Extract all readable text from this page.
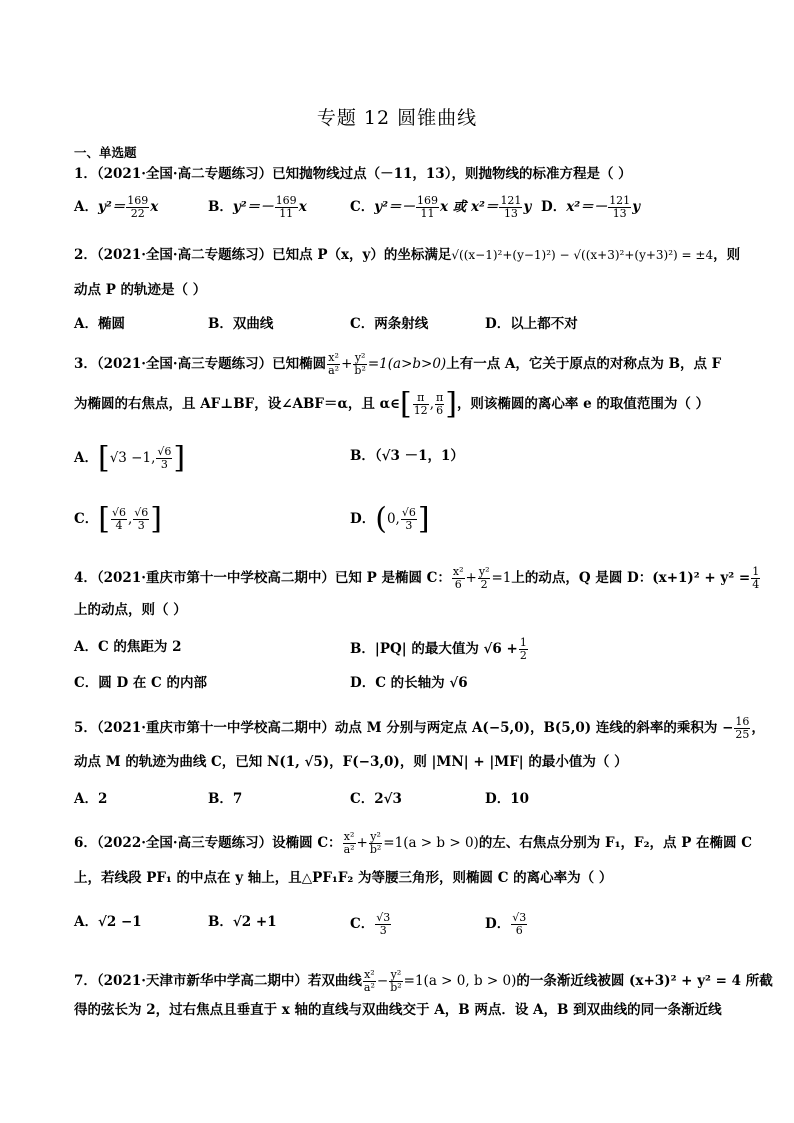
专题 12 圆锥曲线
一、单选题
1．（2021·全国·高二专题练习）已知抛物线过点（－11，13），则抛物线的标准方程是（ ）
A．$y^2= \frac{169}{22}$ x	B．$y^2=- \frac{169}{11}$ x	C．$y^2=- \frac{169}{11}$ x 或 $x^2= \frac{121}{13}$ y D．$x^2=- \frac{121}{13}$ y
2．（2021·全国·高二专题练习）已知点 P（x，y）的坐标满足√((x−1)²+(y−1)²) − √((x+3)²+(y+3)²) = ±4，则
动点 P 的轨迹是（ ）
A．椭圆	B．双曲线	C．两条射线	D．以上都不对
3．（2021·全国·高三专题练习）已知椭圆 $\frac{\text{x²}}{\text{a²}} + \frac{\text{y²}}{\text{b²}} =1(a>b>0)$上有一点 A，它关于原点的对称点为 B，点 F
为椭圆的右焦点，且 AF⊥BF，设∠ABF＝α，且 α∈[ $\frac{\pi}{12}$ , $\frac{\pi}{6}$ ]，则该椭圆的离心率 e 的取值范围为（ ）
A．[√3 −1, $\frac{√6}{3}$ ]	B．（√3 －1，1）
C．[ $\frac{√6}{4}$ , $\frac{√6}{3}$ ]	D．(0, $\frac{√6}{3}$ ]
4．（2021·重庆市第十一中学校高二期中）已知 P 是椭圆 C： $\frac{\text{x²}}{6} + \frac{\text{y²}}{2} =1$上的动点，Q 是圆 D：$(x+1)^2 + y^2 = \frac{1}{4}$
上的动点，则（ ）
A．C 的焦距为 2	B．|PQ| 的最大值为 $√6 + \frac{1}{2}$
C．圆 D 在 C 的内部	D．C 的长轴为 √6
5．（2021·重庆市第十一中学校高二期中）动点 M 分别与两定点 A(−5,0)，B(5,0) 连线的斜率的乘积为 − $\frac{16}{25}$ ，
动点 M 的轨迹为曲线 C，已知 N(1, √5)，F(−3,0)，则 |MN| + |MF| 的最小值为（ ）
A．2	B．7	C．2√3	D．10
6．（2022·全国·高三专题练习）设椭圆 C： $\frac{\text{x²}}{\text{a²}} + \frac{\text{y²}}{\text{b²}} =1(a > b > 0)$的左、右焦点分别为 F₁，F₂，点 P 在椭圆 C
上，若线段 PF₁ 的中点在 y 轴上，且△PF₁F₂ 为等腰三角形，则椭圆 C 的离心率为（ ）
A．√2 −1	B．√2 +1	C． $\frac{√3}{3}$	D． $\frac{√3}{6}$
7．（2021·天津市新华中学高二期中）若双曲线 $\frac{\text{x²}}{\text{a²}} - \frac{\text{y²}}{\text{b²}} =1(a > 0$, b > 0)的一条渐近线被圆 (x+3)² + y² = 4 所截
得的弦长为 2，过右焦点且垂直于 x 轴的直线与双曲线交于 A，B 两点．设 A，B 到双曲线的同一条渐近线
